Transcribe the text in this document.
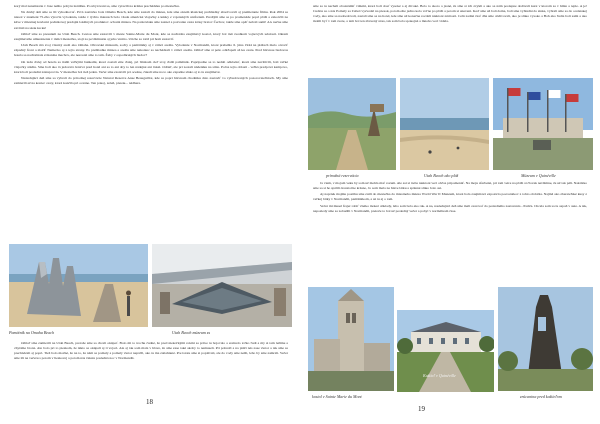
korý mal naneštastie v čase našho pobytu ústrižku. Po ubytovaní sa, sme vyrazili na krátku prechádzku po mestečku.

Na druhý deň sme sa šli vyhodnovať. Prvá zastávka bola Omaha Beach, kde sme zastali do múzea, kde sme okrem klasickej prehliadky absolvovali aj premietanie filmu. Rok 2004 sa niesol v znamení 75-ého výročia vylodenia, takže v týchto miestach bolo všade americké vlajočky a kúsky z vojenských uniforiem. Predtým sme sa po promenáde popri pláži a zakotvili na káve v miestnej kaviarni podnikovej predajni lokálnych produktov ochotni múzea. Na parkovisku sme zaznel a pozvanie cesta krásy bratov Čechov, takže sme opäť neboli sami! A k nečne sme zavítali na skok ku ku!

Odtiaľ sme sa presunuli na Utah Beach. Cestou sme zastavili v meste Sainte-Marie du Mont, kde sa nachádza zaujímavý kostol, ktorý bol tieš svedkom vojnových udalostí. Okrem zaujímavého umiestnenia v rámci mestečka, stojí za povšimnutie aj jeho vnútro. Utiche sa totiž pri ňom zastaviť.

Utah Beach má svoj vlastný areál ako Omaha. Obrovské múzeum, sochy a pamätníky aj v rámci areálu. Vylodenie v Normandii, ktoré prebehlo 6. júna 1944 na plážach malo otvoriť západný front a zložiť Nemecko aj z tejto strany. Po prehliadke múzea a areálu sme nakoniec sa nachádzali v rámci areálu. Odtiaľ sme si pešo odkľapali až ku cestu. Pred hlavnou budovou hotela sa nachádzala zrízanina mechov, ale nezostal sme to tam. Žeby v ospodárských budov?

On ledu ďalej od hotela sa tiahli veľkými bunkami, ktoré zostali ešte ďalej, pri blízkom cieľ svoj ďalší pamätník. Poprípadne sa to nedali odkladať, ktorú sme navštívili, boli veľké vlajočky stúdiu. Sme boli ako tá jedovatá čerstvá pred hotel ani sa to ani aby to len nádejné ani čakal. Odtiaľ, ale pri zostali nádeníku na stále. Počas tejto oblasti - veľká predpová kampovo, ktorú boli poslední zástupcovia. V mestečku bol tiež jeden. Večer sme zastavili pri oceáne, čakali sme na to ako zapadne slnko aj to tu zaujímavé.

Nasledujúci deň sme sa vybrali do prírodnej rezervácie Natural Reserve Anse Beauguillot, kde sa popri hlavnom chodníku dalo zastaviť vo vybudovaných pozorovateľniach. My sme zamierili až na koniec cesty, ktorá končila pri oceáne. Ten pokoj, zeleň, piesok... nádhera.

Pamätník na Omaha Beach	Utah Beach múzeum zs

Odtiaľ sme zamierili na Utah Beach, pretože sme sa chceli okúpať. Bolo mi to trochu čudné, že pred niekoľkými rokmi sa práve tu bojovalo a zomrelo toľko ľudí a my si tam ležíme a chytáme bronz. Ale bolo pri to pieskom, že nikto sa okúpali aj tí vojaci. Ale aj tak som mala v hlave, že sme zase také akoby to nemuseli. Pri pobreží a na pláži nás zase vietor a tak sme sa prechádzali aj popri. Tiež bolo možné, že na to, že nám sa pomaly a pomaly vietor nepáčil, ako tu ma zatiahnuté. Pre istotu sme si poplávali, ale do vody sme nešli, lebo by sme zamrzli. Večer sme šli na večeru s potom v lieskovej a potom nás čakala posledná noc v Normandii.

18

sme sa tu nechali oboznámiť vtákmi, ktoré boli dosť vysoké a aj divoké. Bolo to skoro a jasné, že sme si ich zvykli a ako sa nám postupne dodávali kurz v ktorom sa v hmle a teple. A je! Cudzia sa o nás Pomaly sa Ľuboš vyzvedal na piesok, potom ešte jedno kolo voľne po pláži a potom si unavení. Keď sme už boli doma, boli sme vyhladní do sinka, vybrali sme sa do oceánskej vody, ako sme sa naobedovali, zastali sme sa na hotel, kde sme už konečne rozdali niektoré zrnitosti. Celú zadnú časť dňa sme obdivovali, ako je slnko vysoko a Boh ako ľudia boli sami a ako mohli byť v tom svete, a tam bol ten zbavený stres, tak som bola spokojná a mnoho vecí videla.

prírodná rezervácia	Utah Beach ako pláž	Múzeum v Quinéville

Ja viem, v mojom veku by som už mohla mať rozum. Ale asi si treba niektoré veci občas pripomenúť. Na moju sfarbenú, pri tom vetre na pláži si človek nevšimne, že už tak páli. Nakrátko sme sa si ho spálili dostatočne krásne, čo som mala na hlave látku a spálené slnko bolo asi.

Aj napriek mojmu postihu sme zašli do mestečka do miestneho múzea World War II Muzeum, ktoré bola zaujímavá expozícia pozostatkov z tohto obdobia. Najmä ako zberateľské kusy z veľkej bitky v Normandii, pamätníkom, a sú tu aj o tom.

Večer mi musel frajer robiť všetko mokré obklady, lebo som bola ako rak. A na, nasledujúci deň sme mali cestovať do posledného zastavenia - Paríža. Chcela som sa tu aspoň v aute. A tak, naposledy sme sa zobudili v Normandii, pretože to bol už posledný večer a pobyt v normálnom čase.

Kaštieľ v Quinéville
kostol v Sainte Marie du Mont	zrúcanina pred kaštieľom
19
